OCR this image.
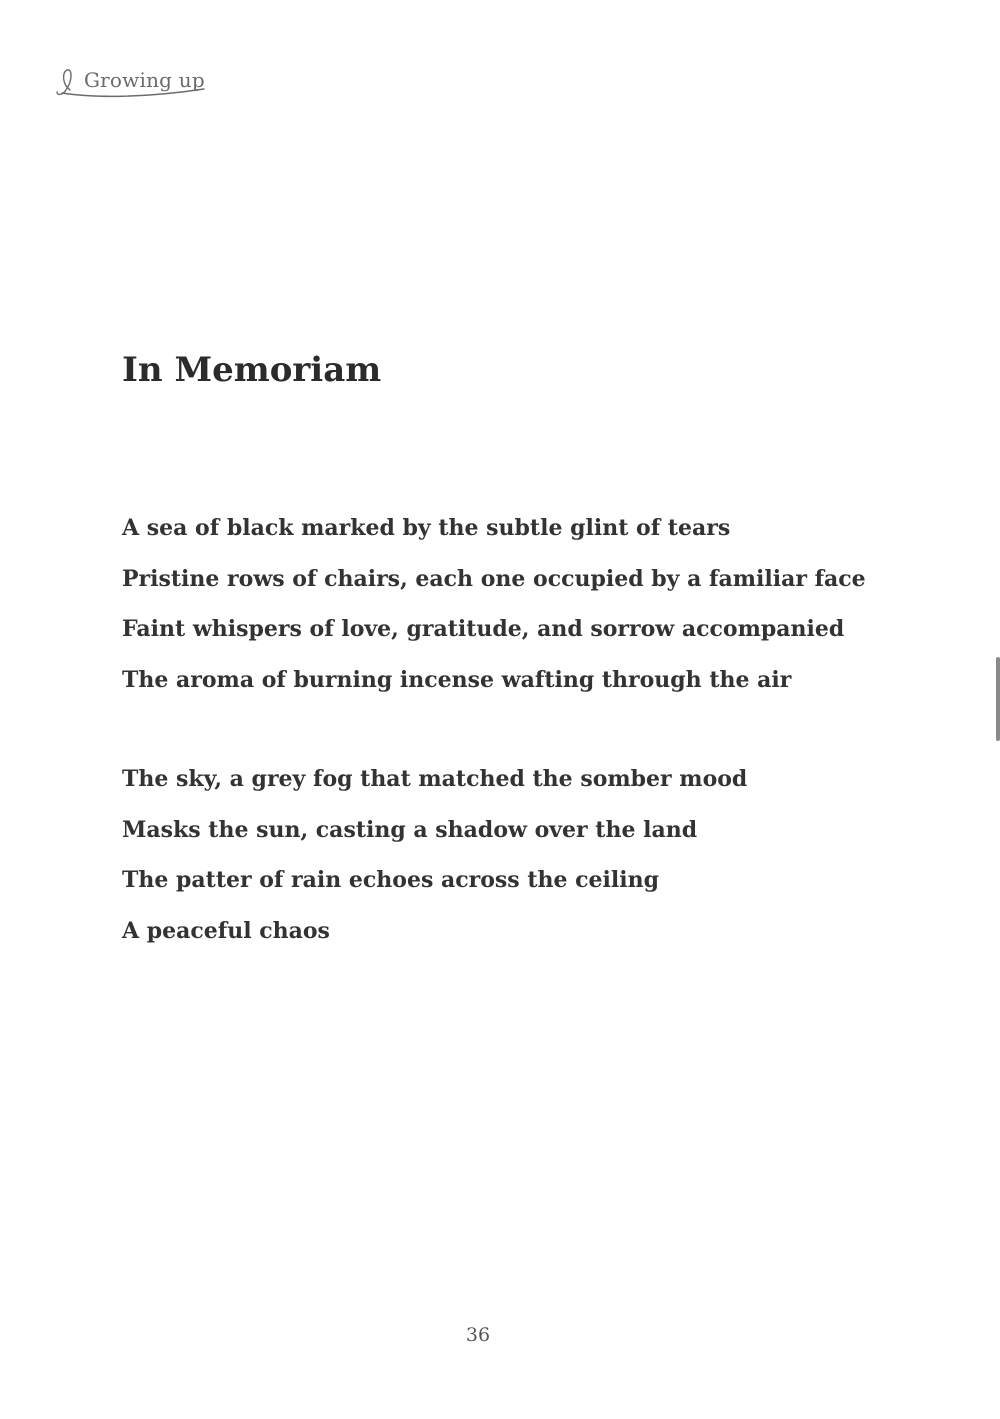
Growing up
In Memoriam
A sea of black marked by the subtle glint of tears
Pristine rows of chairs, each one occupied by a familiar face
Faint whispers of love, gratitude, and sorrow accompanied
The aroma of burning incense wafting through the air
The sky, a grey fog that matched the somber mood
Masks the sun, casting a shadow over the land
The patter of rain echoes across the ceiling
A peaceful chaos
36
